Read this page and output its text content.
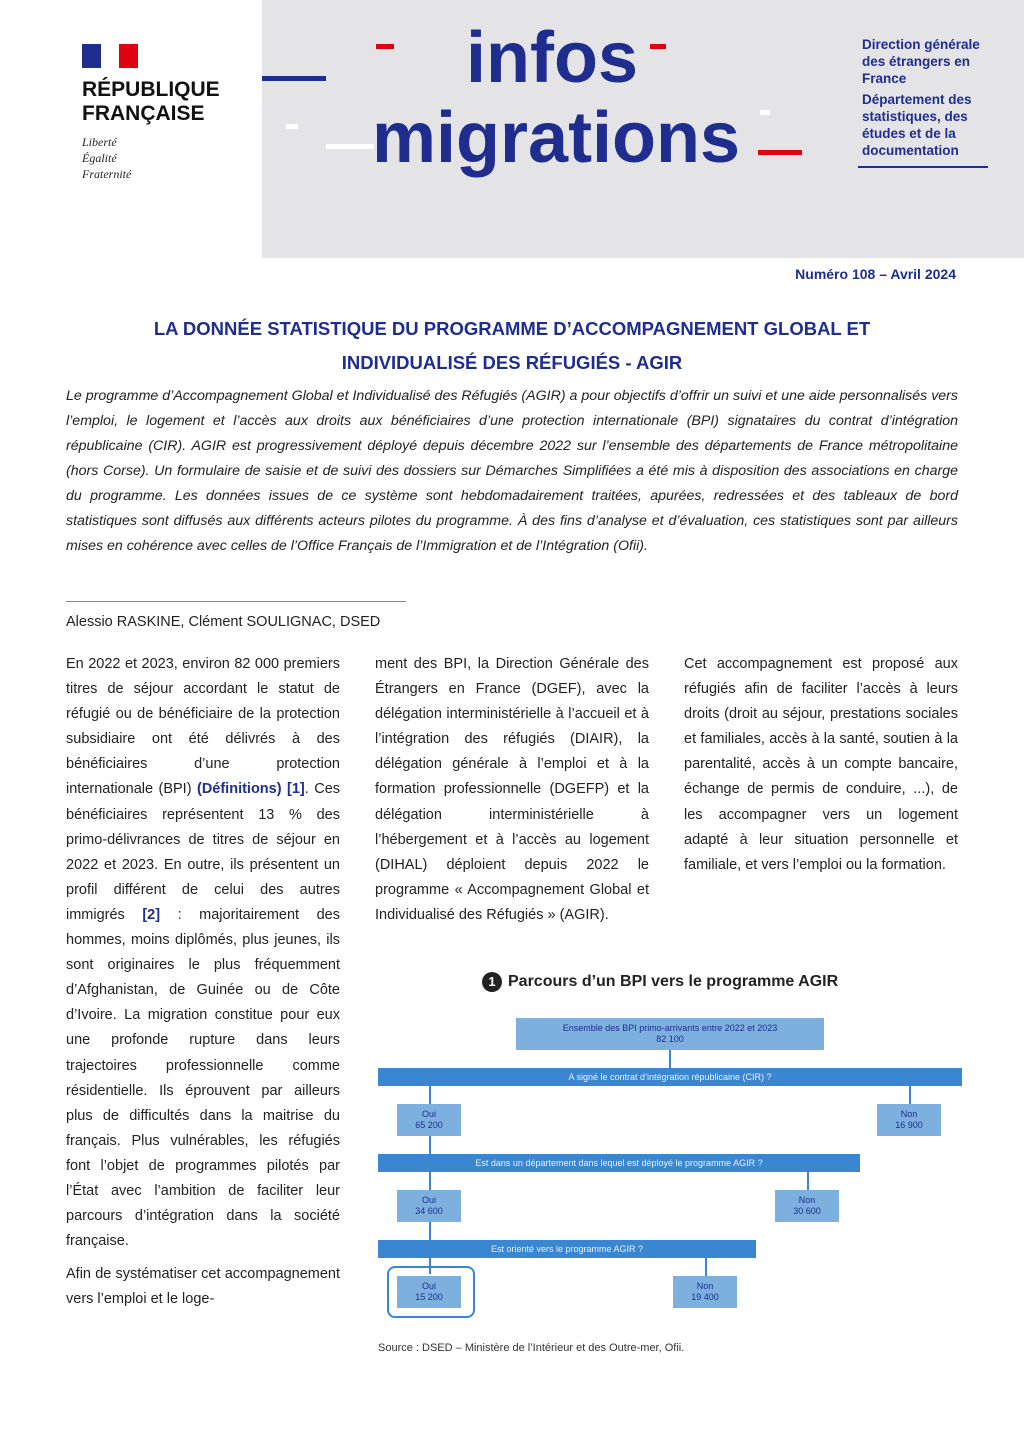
RÉPUBLIQUE
FRANÇAISE
Liberté
Égalité
Fraternité
infos
migrations

Direction générale des étrangers en France

Département des statistiques, des études et de la documentation

Numéro 108 – Avril 2024
LA DONNÉE STATISTIQUE DU PROGRAMME D’ACCOMPAGNEMENT GLOBAL ET
INDIVIDUALISÉ DES RÉFUGIÉS - AGIR
Le programme d’Accompagnement Global et Individualisé des Réfugiés (AGIR) a pour objectifs d’offrir un suivi et une aide personnalisés vers l’emploi, le logement et l’accès aux droits aux bénéficiaires d’une protection internationale (BPI) signataires du contrat d’intégration républicaine (CIR). AGIR est progressivement déployé depuis décembre 2022 sur l’ensemble des départements de France métropolitaine (hors Corse). Un formulaire de saisie et de suivi des dossiers sur Démarches Simplifiées a été mis à disposition des associations en charge du programme. Les données issues de ce système sont hebdomadairement traitées, apurées, redressées et des tableaux de bord statistiques sont diffusés aux différents acteurs pilotes du programme. À des fins d’analyse et d’évaluation, ces statistiques sont par ailleurs mises en cohérence avec celles de l’Office Français de l’Immigration et de l’Intégration (Ofii).
Alessio RASKINE, Clément SOULIGNAC, DSED

En 2022 et 2023, environ 82 000 premiers titres de séjour accordant le statut de réfugié ou de bénéficiaire de la protection subsidiaire ont été délivrés à des bénéficiaires d’une protection internationale (BPI) (Définitions) [1]. Ces bénéficiaires représentent 13 % des primo-délivrances de titres de séjour en 2022 et 2023. En outre, ils présentent un profil différent de celui des autres immigrés [2] : majoritairement des hommes, moins diplômés, plus jeunes, ils sont originaires le plus fréquemment d’Afghanistan, de Guinée ou de Côte d’Ivoire. La migration constitue pour eux une profonde rupture dans leurs trajectoires professionnelle comme résidentielle. Ils éprouvent par ailleurs plus de difficultés dans la maitrise du français. Plus vulnérables, les réfugiés font l’objet de programmes pilotés par l’État avec l’ambition de faciliter leur parcours d’intégration dans la société française.

Afin de systématiser cet accompagnement vers l’emploi et le loge-

ment des BPI, la Direction Générale des Étrangers en France (DGEF), avec la délégation interministérielle à l’accueil et à l’intégration des réfugiés (DIAIR), la délégation générale à l’emploi et à la formation professionnelle (DGEFP) et la délégation interministérielle à l’hébergement et à l’accès au logement (DIHAL) déploient depuis 2022 le programme « Accompagnement Global et Individualisé des Réfugiés » (AGIR).

Cet accompagnement est proposé aux réfugiés afin de faciliter l’accès à leurs droits (droit au séjour, prestations sociales et familiales, accès à la santé, soutien à la parentalité, accès à un compte bancaire, échange de permis de conduire, ...), de les accompagner vers un logement adapté à leur situation personnelle et familiale, et vers l’emploi ou la formation.

1 Parcours d’un BPI vers le programme AGIR
Ensemble des BPI primo-arrivants entre 2022 et 2023
82 100
A signé le contrat d’intégration républicaine (CIR) ?
Oui
65 200
Non
16 900
Est dans un département dans lequel est déployé le programme AGIR ?
Oui
34 600
Non
30 600
Est orienté vers le programme AGIR ?
Oui
15 200
Non
19 400
Source : DSED – Ministère de l’Intérieur et des Outre-mer, Ofii.
